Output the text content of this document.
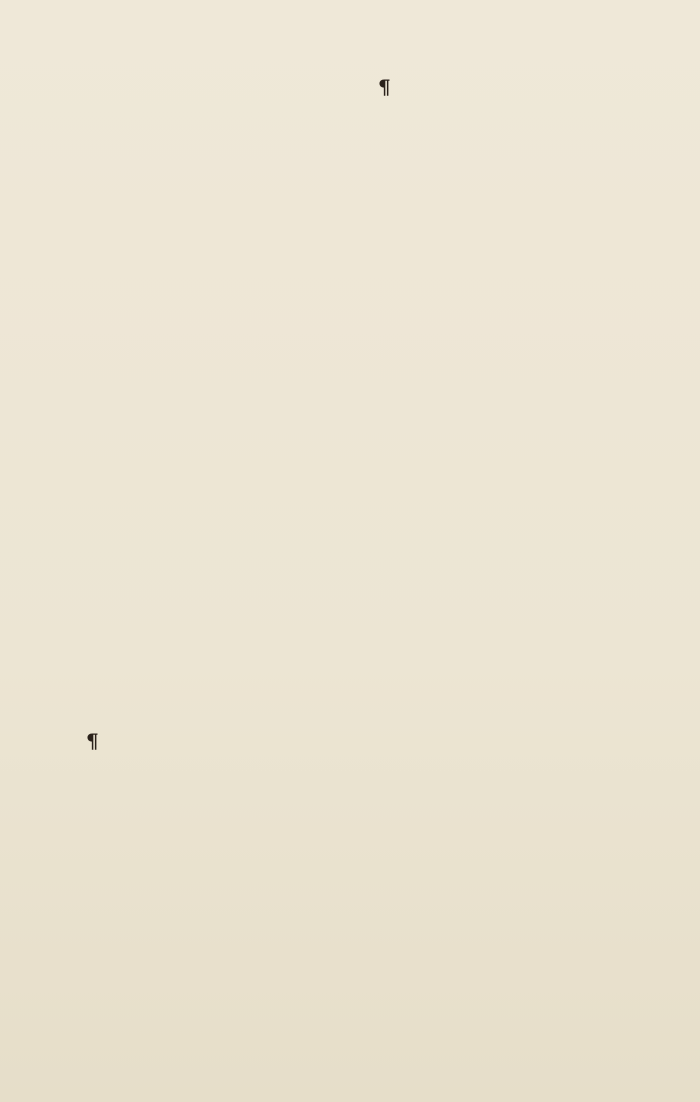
¶
¶
